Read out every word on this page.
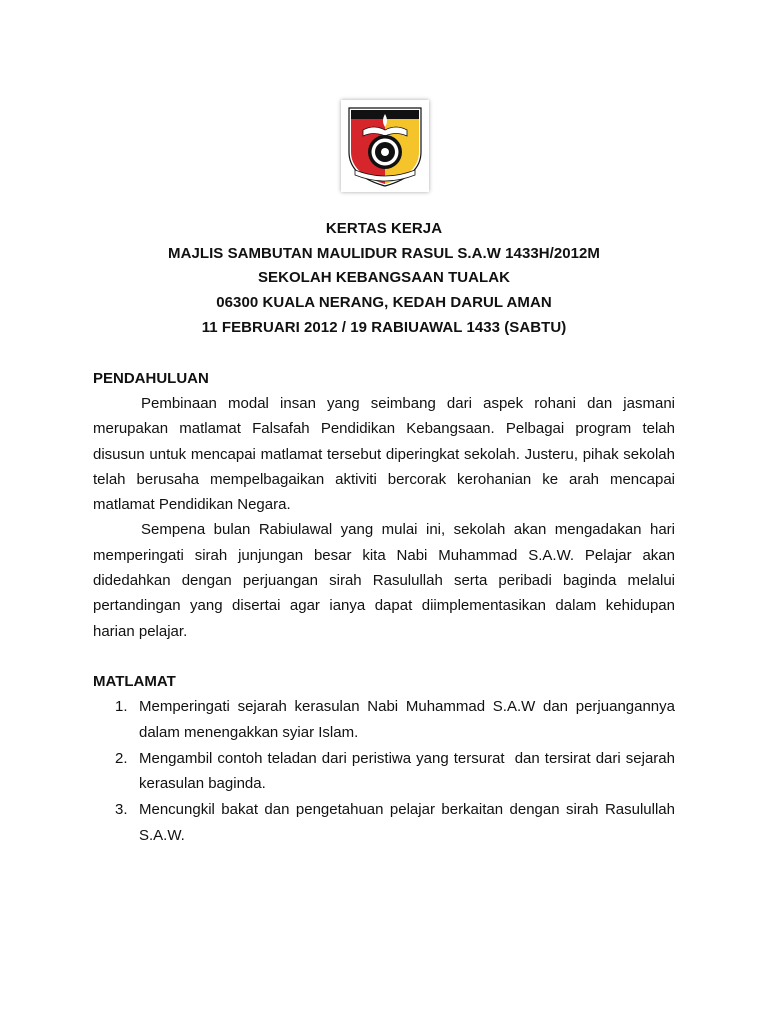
KERTAS KERJA
MAJLIS SAMBUTAN MAULIDUR RASUL S.A.W 1433H/2012M
SEKOLAH KEBANGSAAN TUALAK
06300 KUALA NERANG, KEDAH DARUL AMAN
11 FEBRUARI 2012 / 19 RABIUAWAL 1433 (SABTU)
PENDAHULUAN

Pembinaan modal insan yang seimbang dari aspek rohani dan jasmani merupakan matlamat Falsafah Pendidikan Kebangsaan. Pelbagai program telah disusun untuk mencapai matlamat tersebut diperingkat sekolah. Justeru, pihak sekolah telah berusaha mempelbagaikan aktiviti bercorak kerohanian ke arah mencapai matlamat Pendidikan Negara.

Sempena bulan Rabiulawal yang mulai ini, sekolah akan mengadakan hari memperingati sirah junjungan besar kita Nabi Muhammad S.A.W. Pelajar akan didedahkan dengan perjuangan sirah Rasulullah serta peribadi baginda melalui pertandingan yang disertai agar ianya dapat diimplementasikan dalam kehidupan harian pelajar.

MATLAMAT
1. Memperingati sejarah kerasulan Nabi Muhammad S.A.W dan perjuangannya dalam menengakkan syiar Islam.
2. Mengambil contoh teladan dari peristiwa yang tersurat  dan tersirat dari sejarah kerasulan baginda.
3. Mencungkil bakat dan pengetahuan pelajar berkaitan dengan sirah Rasulullah S.A.W.
